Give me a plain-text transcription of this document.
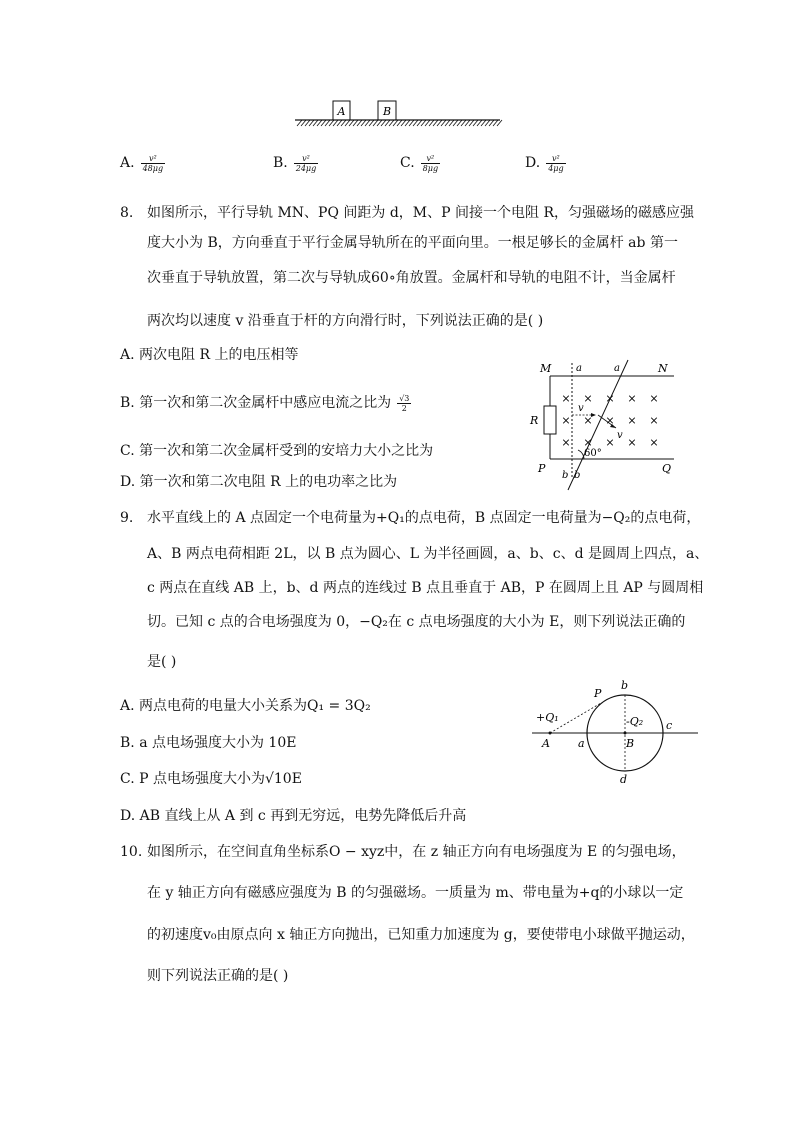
A	B
A. $\frac{\text{v²}}{48\mu g}$	B. $\frac{\text{v²}}{24\mu g}$	C. $\frac{\text{v²}}{8\mu g}$	D. $\frac{\text{v²}}{4\mu g}$
8. 如图所示，平行导轨 MN、PQ 间距为 d，M、P 间接一个电阻 R，匀强磁场的磁感应强
度大小为 B，方向垂直于平行金属导轨所在的平面向里。一根足够长的金属杆 ab 第一
次垂直于导轨放置，第二次与导轨成60∘角放置。金属杆和导轨的电阻不计，当金属杆
两次均以速度 v 沿垂直于杆的方向滑行时，下列说法正确的是( )
A. 两次电阻 R 上的电压相等
B. 第一次和第二次金属杆中感应电流之比为 $\frac{√3}{2}$
C. 第一次和第二次金属杆受到的安培力大小之比为
D. 第一次和第二次电阻 R 上的电功率之比为
M	N
P	Q
R
a	a
b b
60°
v
v
× × × × ×
× × × × ×
× × × × ×
9. 水平直线上的 A 点固定一个电荷量为+Q₁的点电荷，B 点固定一电荷量为−Q₂的点电荷，
A、B 两点电荷相距 2L，以 B 点为圆心、L 为半径画圆，a、b、c、d 是圆周上四点，a、
c 两点在直线 AB 上，b、d 两点的连线过 B 点且垂直于 AB，P 在圆周上且 AP 与圆周相
切。已知 c 点的合电场强度为 0，−Q₂在 c 点电场强度的大小为 E，则下列说法正确的
是( )
A. 两点电荷的电量大小关系为Q₁ = 3Q₂
B. a 点电场强度大小为 10E
C. P 点电场强度大小为√10E
D. AB 直线上从 A 到 c 再到无穷远，电势先降低后升高
P
b
+Q₁	-Q₂ c
A	a	B
d
10. 如图所示，在空间直角坐标系O − xyz中，在 z 轴正方向有电场强度为 E 的匀强电场，
在 y 轴正方向有磁感应强度为 B 的匀强磁场。一质量为 m、带电量为+q的小球以一定
的初速度v₀由原点向 x 轴正方向抛出，已知重力加速度为 g，要使带电小球做平抛运动，
则下列说法正确的是( )
